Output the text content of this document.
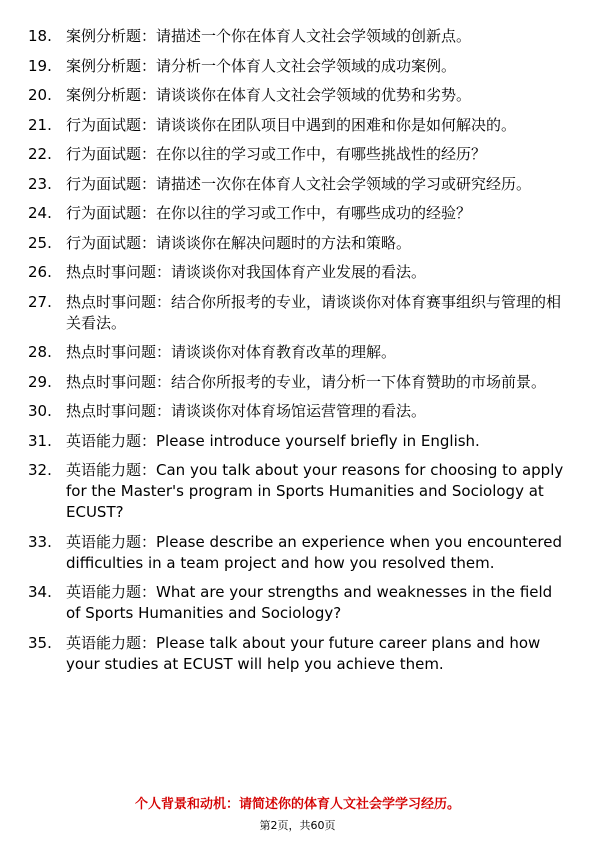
18. 案例分析题：请描述一个你在体育人文社会学领域的创新点。
19. 案例分析题：请分析一个体育人文社会学领域的成功案例。
20. 案例分析题：请谈谈你在体育人文社会学领域的优势和劣势。
21. 行为面试题：请谈谈你在团队项目中遇到的困难和你是如何解决的。
22. 行为面试题：在你以往的学习或工作中，有哪些挑战性的经历？
23. 行为面试题：请描述一次你在体育人文社会学领域的学习或研究经历。
24. 行为面试题：在你以往的学习或工作中，有哪些成功的经验？
25. 行为面试题：请谈谈你在解决问题时的方法和策略。
26. 热点时事问题：请谈谈你对我国体育产业发展的看法。
27. 热点时事问题：结合你所报考的专业，请谈谈你对体育赛事组织与管理的相关看法。
28. 热点时事问题：请谈谈你对体育教育改革的理解。
29. 热点时事问题：结合你所报考的专业，请分析一下体育赞助的市场前景。
30. 热点时事问题：请谈谈你对体育场馆运营管理的看法。
31. 英语能力题：Please introduce yourself briefly in English.
32. 英语能力题：Can you talk about your reasons for choosing to apply for the Master's program in Sports Humanities and Sociology at ECUST?
33. 英语能力题：Please describe an experience when you encountered difficulties in a team project and how you resolved them.
34. 英语能力题：What are your strengths and weaknesses in the field of Sports Humanities and Sociology?
35. 英语能力题：Please talk about your future career plans and how your studies at ECUST will help you achieve them.
个人背景和动机：请简述你的体育人文社会学学习经历。
第2页，共60页
